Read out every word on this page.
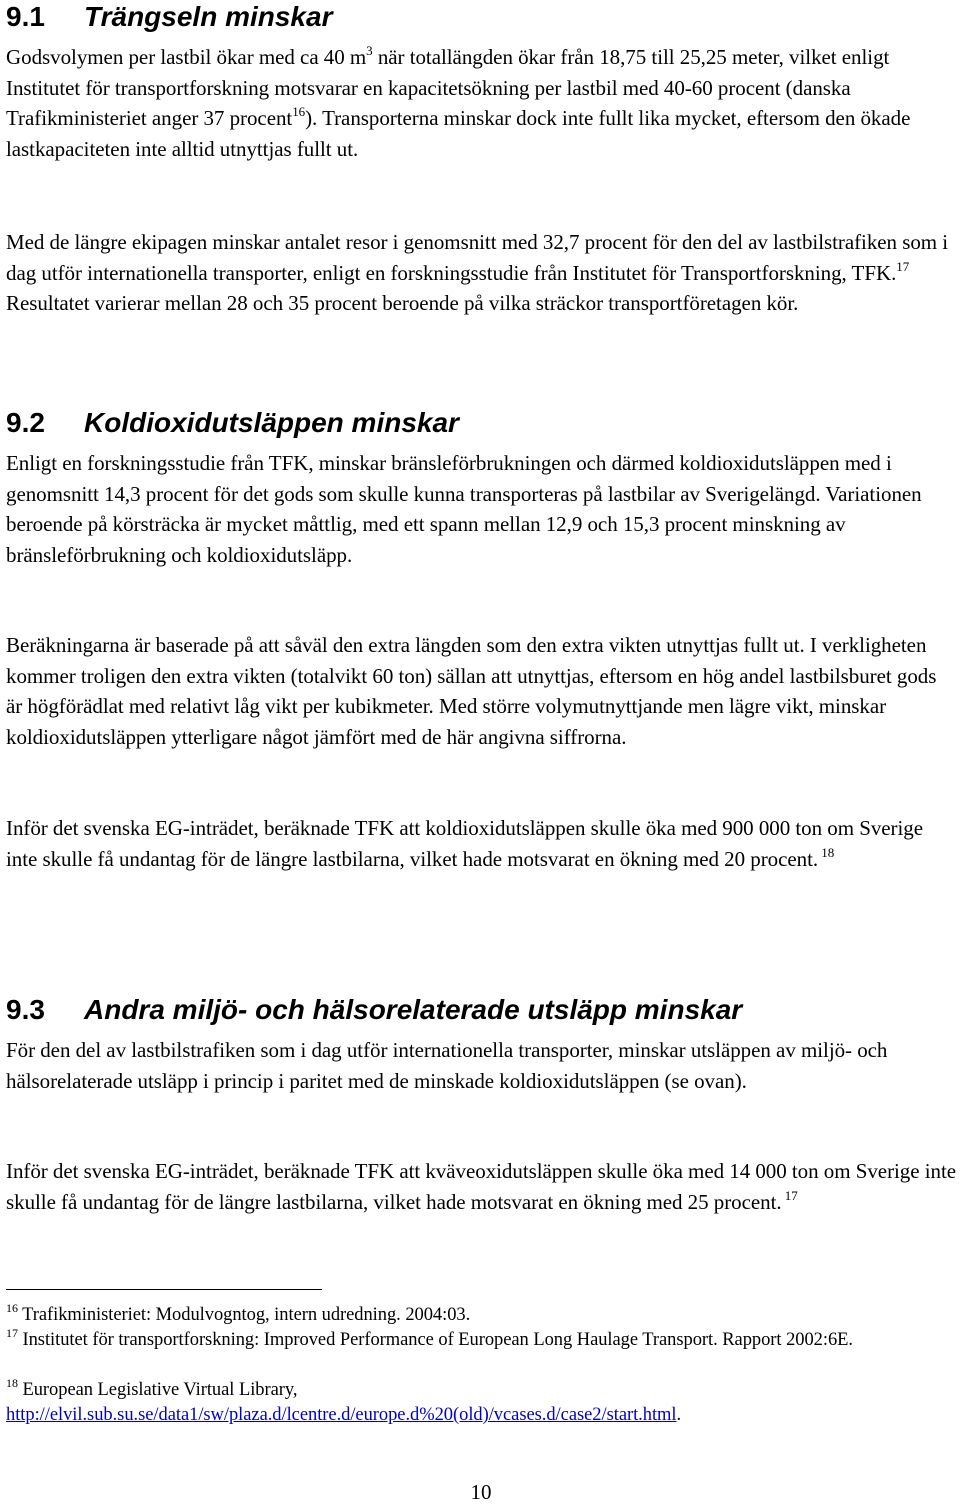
9.1 Trängseln minskar

Godsvolymen per lastbil ökar med ca 40 $m^3$ när totallängden ökar från 18,75 till 25,25 meter, vilket enligt Institutet för transportforskning motsvarar en kapacitetsökning per lastbil med 40-60 procent (danska Trafikministeriet anger 37 procent$^{16}$). Transporterna minskar dock inte fullt lika mycket, eftersom den ökade lastkapaciteten inte alltid utnyttjas fullt ut.

Med de längre ekipagen minskar antalet resor i genomsnitt med 32,7 procent för den del av lastbilstrafiken som i dag utför internationella transporter, enligt en forskningsstudie från Institutet för Transportforskning, TFK.$^{17}$ Resultatet varierar mellan 28 och 35 procent beroende på vilka sträckor transportföretagen kör.

9.2 Koldioxidutsläppen minskar

Enligt en forskningsstudie från TFK, minskar bränsleförbrukningen och därmed koldioxidutsläppen med i genomsnitt 14,3 procent för det gods som skulle kunna transporteras på lastbilar av Sverigelängd. Variationen beroende på körsträcka är mycket måttlig, med ett spann mellan 12,9 och 15,3 procent minskning av bränsleförbrukning och koldioxidutsläpp.

Beräkningarna är baserade på att såväl den extra längden som den extra vikten utnyttjas fullt ut. I verkligheten kommer troligen den extra vikten (totalvikt 60 ton) sällan att utnyttjas, eftersom en hög andel lastbilsburet gods är högförädlat med relativt låg vikt per kubikmeter. Med större volymutnyttjande men lägre vikt, minskar koldioxidutsläppen ytterligare något jämfört med de här angivna siffrorna.

Inför det svenska EG-inträdet, beräknade TFK att koldioxidutsläppen skulle öka med 900 000 ton om Sverige inte skulle få undantag för de längre lastbilarna, vilket hade motsvarat en ökning med 20 procent. $^{18}$

9.3 Andra miljö- och hälsorelaterade utsläpp minskar

För den del av lastbilstrafiken som i dag utför internationella transporter, minskar utsläppen av miljö- och hälsorelaterade utsläpp i princip i paritet med de minskade koldioxidutsläppen (se ovan).

Inför det svenska EG-inträdet, beräknade TFK att kväveoxidutsläppen skulle öka med 14 000 ton om Sverige inte skulle få undantag för de längre lastbilarna, vilket hade motsvarat en ökning med 25 procent. $^{17}$

$^{16}$ Trafikministeriet: Modulvogntog, intern udredning. 2004:03.

$^{17}$ Institutet för transportforskning: Improved Performance of European Long Haulage Transport. Rapport 2002:6E.

$^{18}$ European Legislative Virtual Library,
http://elvil.sub.su.se/data1/sw/plaza.d/lcentre.d/europe.d%20(old)/vcases.d/case2/start.html.

10
